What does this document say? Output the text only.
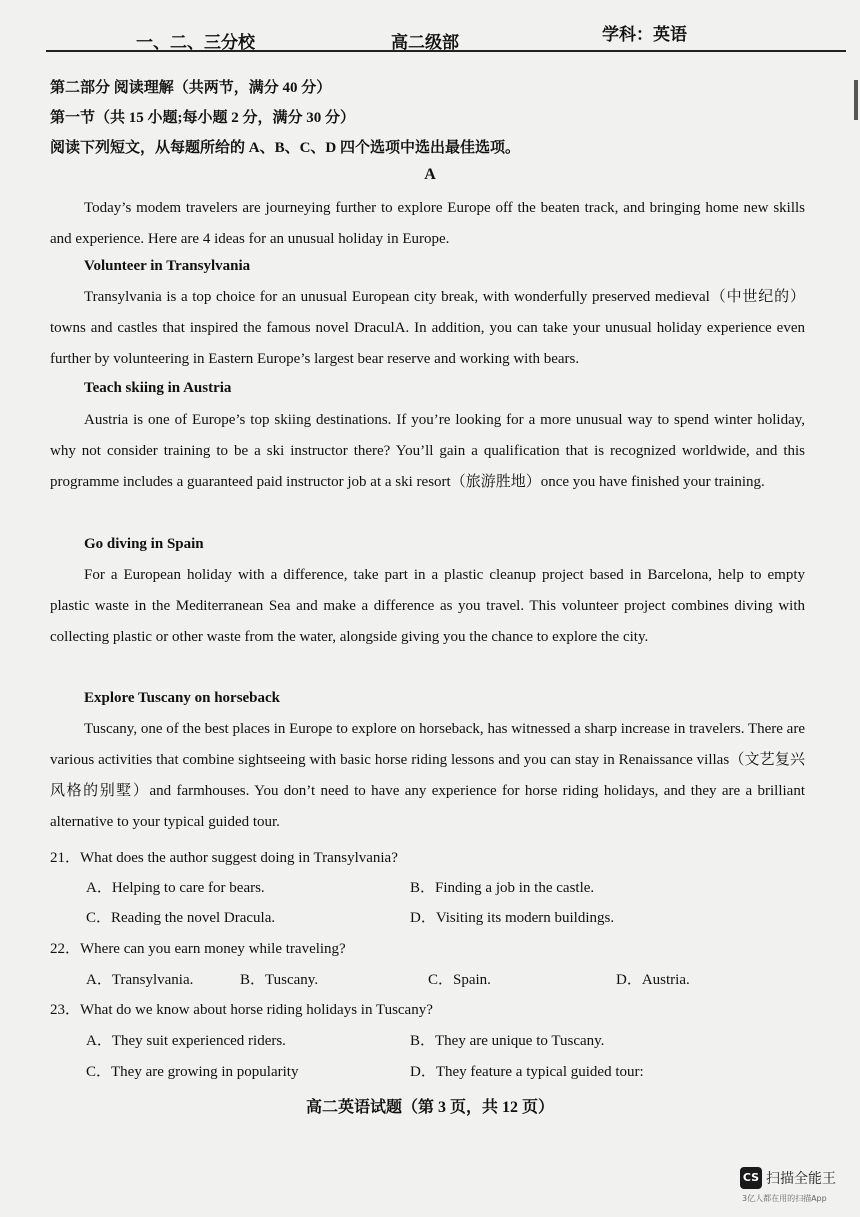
一、二、三分校	高二级部	学科：英语
第二部分 阅读理解（共两节，满分 40 分）
第一节（共 15 小题;每小题 2 分，满分 30 分）
阅读下列短文，从每题所给的 A、B、C、D 四个选项中选出最佳选项。
A
Today’s modem travelers are journeying further to explore Europe off the beaten track, and bringing home new skills and experience. Here are 4 ideas for an unusual holiday in Europe.
Volunteer in Transylvania
Transylvania is a top choice for an unusual European city break, with wonderfully preserved medieval（中世纪的）towns and castles that inspired the famous novel DraculA. In addition, you can take your unusual holiday experience even further by volunteering in Eastern Europe’s largest bear reserve and working with bears.
Teach skiing in Austria
Austria is one of Europe’s top skiing destinations. If you’re looking for a more unusual way to spend winter holiday, why not consider training to be a ski instructor there? You’ll gain a qualification that is recognized worldwide, and this programme includes a guaranteed paid instructor job at a ski resort（旅游胜地）once you have finished your training.
Go diving in Spain
For a European holiday with a difference, take part in a plastic cleanup project based in Barcelona, help to empty plastic waste in the Mediterranean Sea and make a difference as you travel. This volunteer project combines diving with collecting plastic or other waste from the water, alongside giving you the chance to explore the city.
Explore Tuscany on horseback
Tuscany, one of the best places in Europe to explore on horseback, has witnessed a sharp increase in travelers. There are various activities that combine sightseeing with basic horse riding lessons and you can stay in Renaissance villas（文艺复兴风格的别墅）and farmhouses. You don’t need to have any experience for horse riding holidays, and they are a brilliant alternative to your typical guided tour.
21．What does the author suggest doing in Transylvania?
A．Helping to care for bears.	B．Finding a job in the castle.
C．Reading the novel Dracula.	D．Visiting its modern buildings.
22．Where can you earn money while traveling?
A．Transylvania.	B．Tuscany.	C．Spain.	D．Austria.
23．What do we know about horse riding holidays in Tuscany?
A．They suit experienced riders.	B．They are unique to Tuscany.
C．They are growing in popularity	D．They feature a typical guided tour:
高二英语试题（第 3 页，共 12 页）
CS 扫描全能王
3亿人都在用的扫描App
